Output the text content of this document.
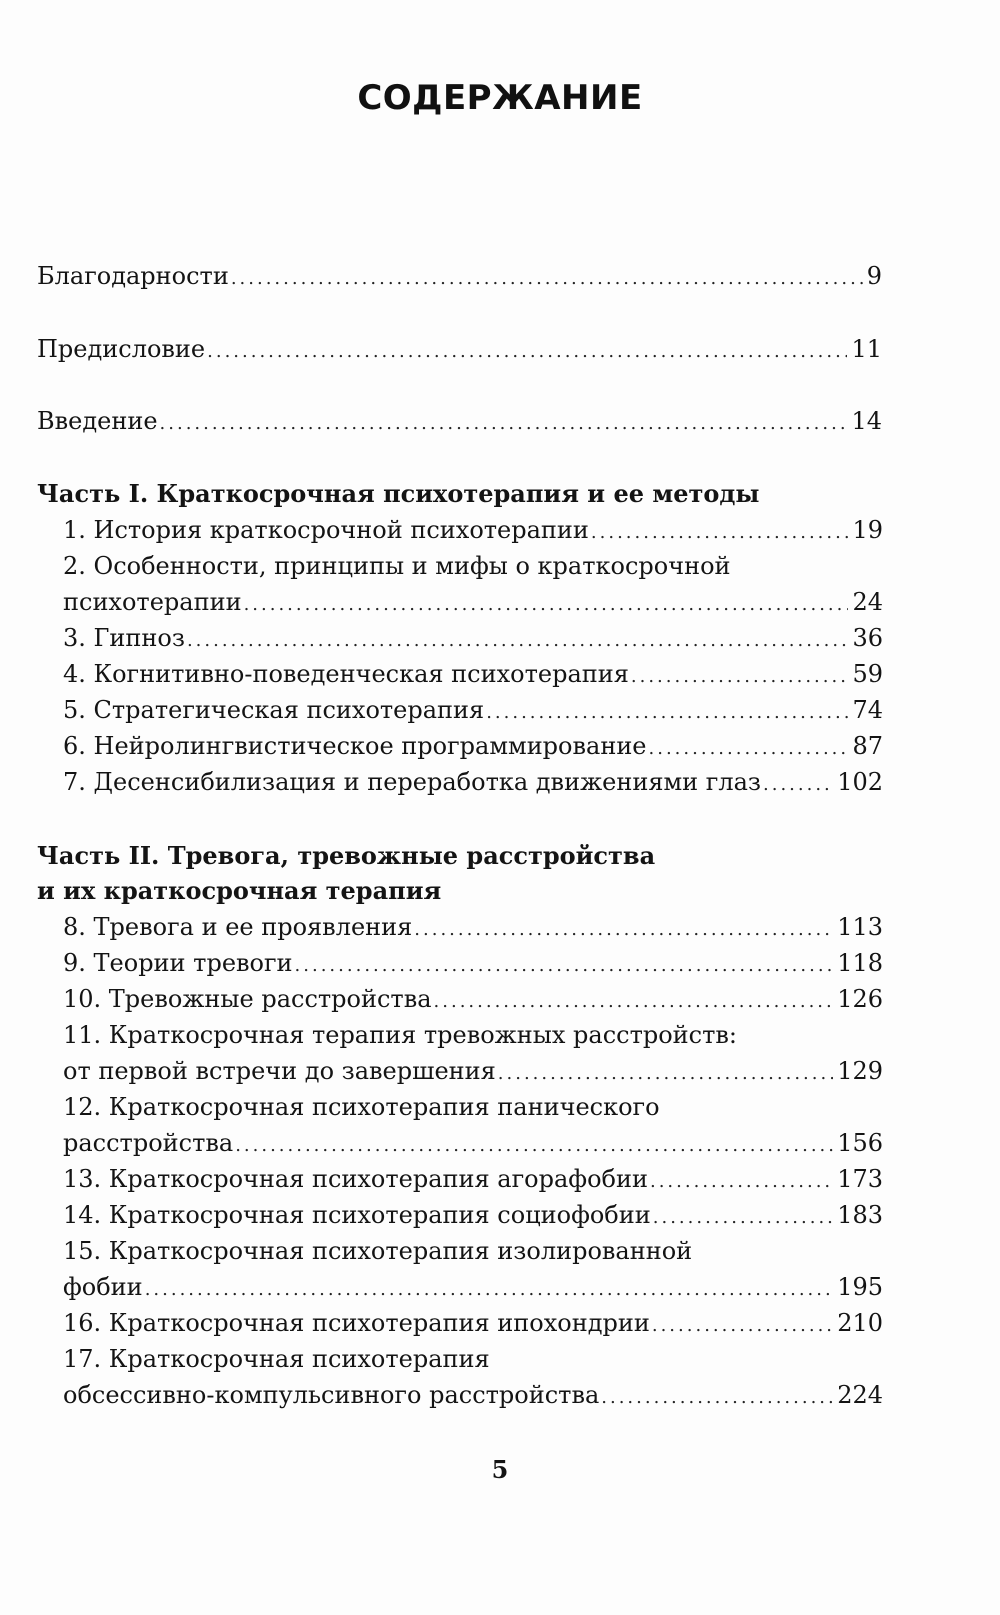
СОДЕРЖАНИЕ
Благодарности .....	9
Предисловие .....	11
Введение .....	14
Часть I. Краткосрочная психотерапия и ее методы
1. История краткосрочной психотерапии .....	19
2. Особенности, принципы и мифы о краткосрочной
психотерапии .....	24
3. Гипноз .....	36
4. Когнитивно-поведенческая психотерапия .....	59
5. Стратегическая психотерапия .....	74
6. Нейролингвистическое программирование .....	87
7. Десенсибилизация и переработка движениями глаз .....	102
Часть II. Тревога, тревожные расстройства
и их краткосрочная терапия
8. Тревога и ее проявления .....	113
9. Теории тревоги .....	118
10. Тревожные расстройства .....	126
11. Краткосрочная терапия тревожных расстройств:
от первой встречи до завершения .....	129
12. Краткосрочная психотерапия панического
расстройства .....	156
13. Краткосрочная психотерапия агорафобии .....	173
14. Краткосрочная психотерапия социофобии .....	183
15. Краткосрочная психотерапия изолированной
фобии .....	195
16. Краткосрочная психотерапия ипохондрии .....	210
17. Краткосрочная психотерапия
обсессивно-компульсивного расстройства .....	224
5
